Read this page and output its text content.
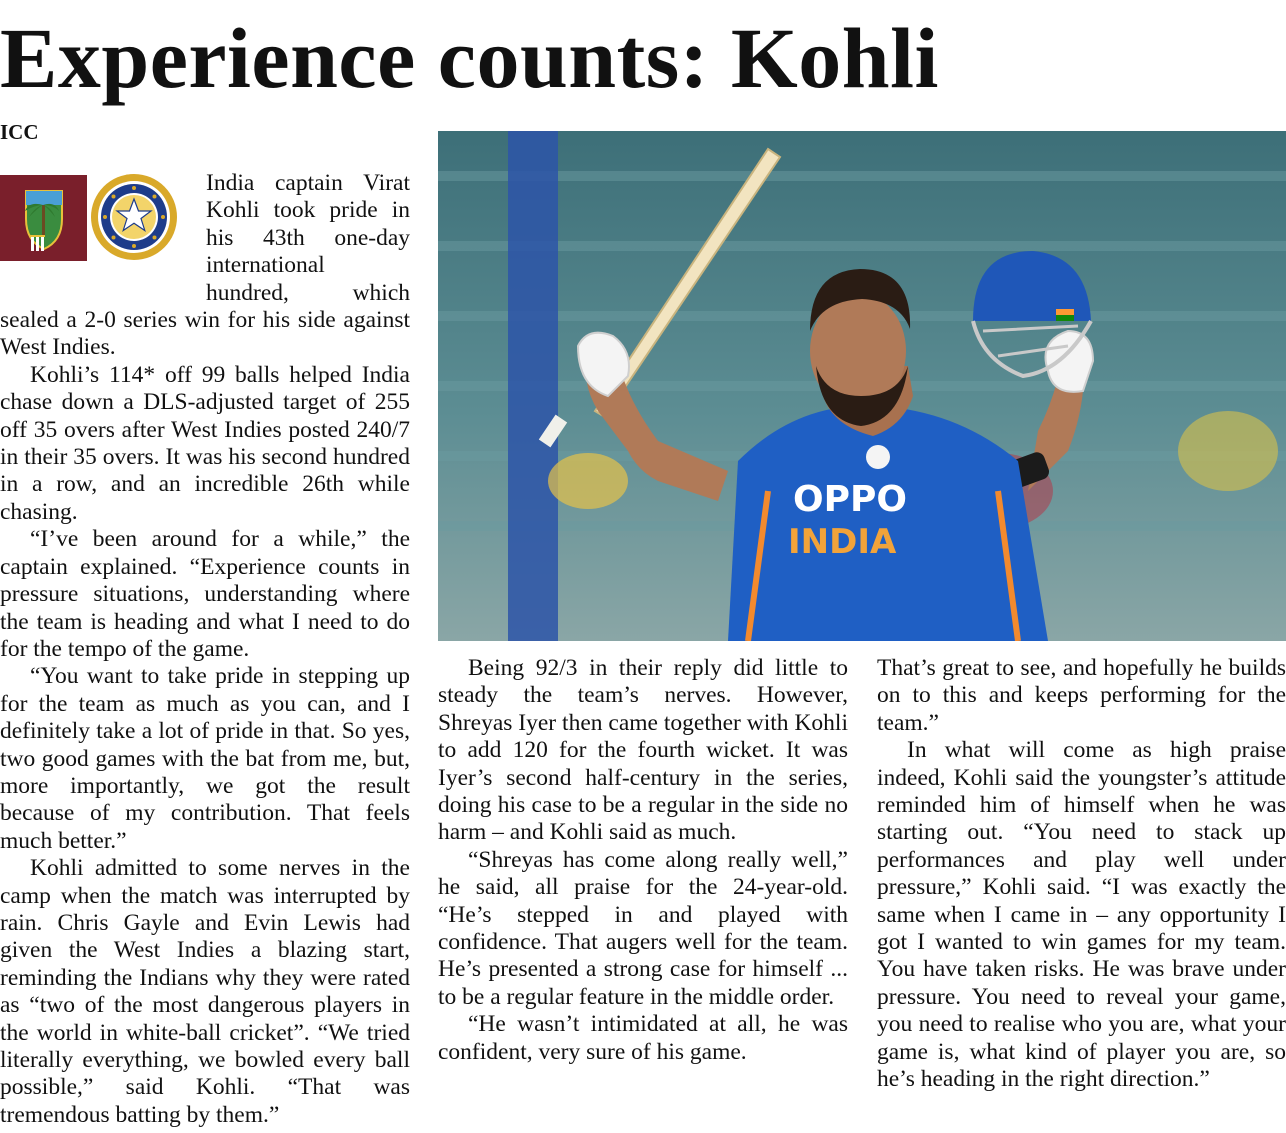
Experience counts: Kohli
ICC

India captain Virat Kohli took pride in his 43th one-day international hundred, which sealed a 2-0 series win for his side against West Indies.

Kohli’s 114* off 99 balls helped India chase down a DLS-adjusted target of 255 off 35 overs after West Indies posted 240/7 in their 35 overs. It was his second hundred in a row, and an incredible 26th while chasing.

“I’ve been around for a while,” the captain explained. “Experience counts in pressure situations, understanding where the team is heading and what I need to do for the tempo of the game.

“You want to take pride in stepping up for the team as much as you can, and I definitely take a lot of pride in that. So yes, two good games with the bat from me, but, more importantly, we got the result because of my contribution. That feels much better.”

Kohli admitted to some nerves in the camp when the match was interrupted by rain. Chris Gayle and Evin Lewis had given the West Indies a blazing start, reminding the Indians why they were rated as “two of the most dangerous players in the world in white-ball cricket”. “We tried literally everything, we bowled every ball possible,” said Kohli. “That was tremendous batting by them.”

OPPO
INDIA

Being 92/3 in their reply did little to steady the team’s nerves. However, Shreyas Iyer then came together with Kohli to add 120 for the fourth wicket. It was Iyer’s second half-century in the series, doing his case to be a regular in the side no harm – and Kohli said as much.

“Shreyas has come along really well,” he said, all praise for the 24-year-old. “He’s stepped in and played with confidence. That augers well for the team. He’s presented a strong case for himself ... to be a regular feature in the middle order.

“He wasn’t intimidated at all, he was confident, very sure of his game.

That’s great to see, and hopefully he builds on to this and keeps performing for the team.”

In what will come as high praise indeed, Kohli said the youngster’s attitude reminded him of himself when he was starting out. “You need to stack up performances and play well under pressure,” Kohli said. “I was exactly the same when I came in – any opportunity I got I wanted to win games for my team. You have taken risks. He was brave under pressure. You need to reveal your game, you need to realise who you are, what your game is, what kind of player you are, so he’s heading in the right direction.”
